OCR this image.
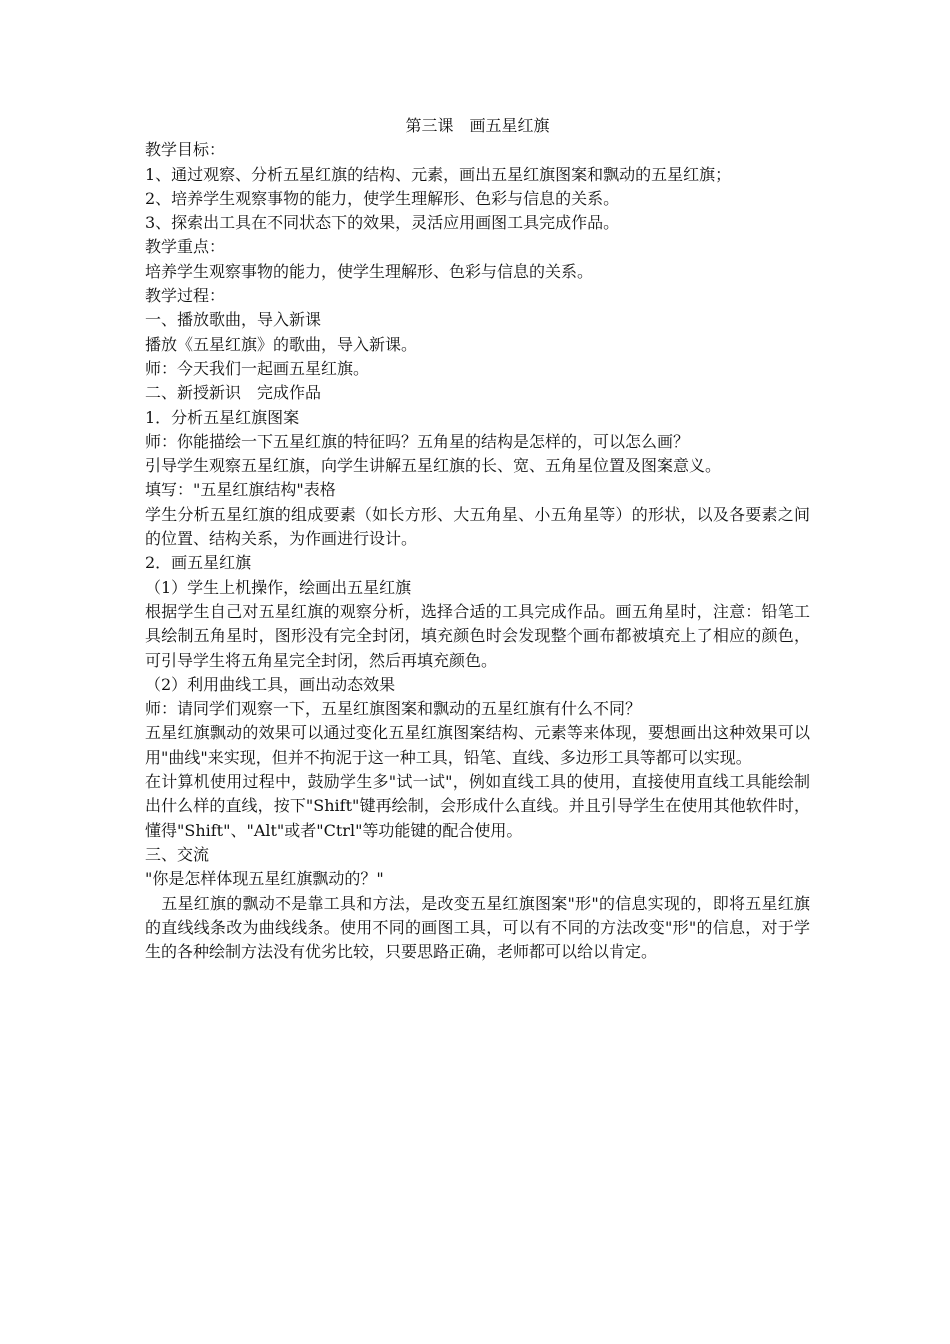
第三课　画五星红旗

教学目标：

1、通过观察、分析五星红旗的结构、元素，画出五星红旗图案和飘动的五星红旗；

2、培养学生观察事物的能力，使学生理解形、色彩与信息的关系。

3、探索出工具在不同状态下的效果，灵活应用画图工具完成作品。

教学重点：

培养学生观察事物的能力，使学生理解形、色彩与信息的关系。

教学过程：

一、播放歌曲，导入新课

播放《五星红旗》的歌曲，导入新课。

师：今天我们一起画五星红旗。

二、新授新识　完成作品

1．分析五星红旗图案

师：你能描绘一下五星红旗的特征吗？五角星的结构是怎样的，可以怎么画？

引导学生观察五星红旗，向学生讲解五星红旗的长、宽、五角星位置及图案意义。

填写："五星红旗结构"表格

学生分析五星红旗的组成要素（如长方形、大五角星、小五角星等）的形状，以及各要素之间的位置、结构关系，为作画进行设计。

2．画五星红旗

（1）学生上机操作，绘画出五星红旗

根据学生自己对五星红旗的观察分析，选择合适的工具完成作品。画五角星时，注意：铅笔工具绘制五角星时，图形没有完全封闭，填充颜色时会发现整个画布都被填充上了相应的颜色，可引导学生将五角星完全封闭，然后再填充颜色。

（2）利用曲线工具，画出动态效果

师：请同学们观察一下，五星红旗图案和飘动的五星红旗有什么不同？

五星红旗飘动的效果可以通过变化五星红旗图案结构、元素等来体现，要想画出这种效果可以用"曲线"来实现，但并不拘泥于这一种工具，铅笔、直线、多边形工具等都可以实现。

在计算机使用过程中，鼓励学生多"试一试"，例如直线工具的使用，直接使用直线工具能绘制出什么样的直线，按下"Shift"键再绘制，会形成什么直线。并且引导学生在使用其他软件时，懂得"Shift"、"Alt"或者"Ctrl"等功能键的配合使用。

三、交流

"你是怎样体现五星红旗飘动的？"

　五星红旗的飘动不是靠工具和方法，是改变五星红旗图案"形"的信息实现的，即将五星红旗的直线线条改为曲线线条。使用不同的画图工具，可以有不同的方法改变"形"的信息，对于学生的各种绘制方法没有优劣比较，只要思路正确，老师都可以给以肯定。
